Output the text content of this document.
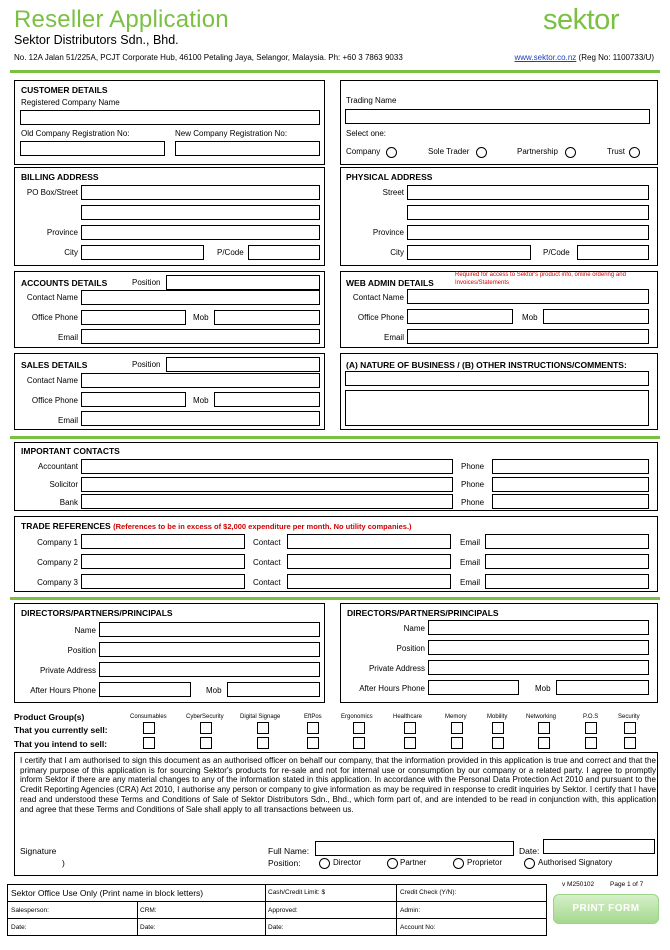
Reseller Application
Sektor Distributors Sdn., Bhd.
No. 12A Jalan 51/225A, PCJT Corporate Hub, 46100 Petaling Jaya, Selangor, Malaysia. Ph: +60 3 7863 9033	www.sektor.co.nz (Reg No: 1100733/U)
sektor
CUSTOMER DETAILS
Registered Company Name
Old Company Registration No:	New Company Registration No:
Trading Name
Select one:
Company	Sole Trader	Partnership	Trust
BILLING ADDRESS
PO Box/Street
Province
City	P/Code
PHYSICAL ADDRESS
Street
Province
City	P/Code
ACCOUNTS DETAILS	Position
Contact Name
Office Phone	Mob
Email
WEB ADMIN DETAILS
Required for access to Sektor's product info, online ordering and Invoices/Statements
Contact Name
Office Phone	Mob
Email
SALES DETAILS	Position
Contact Name
Office Phone	Mob
Email
(A) NATURE OF BUSINESS / (B) OTHER INSTRUCTIONS/COMMENTS:
IMPORTANT CONTACTS
Accountant	Phone
Solicitor	Phone
Bank	Phone
TRADE REFERENCES (References to be in excess of $2,000 expenditure per month. No utility companies.)
Company 1	Contact	Email
Company 2	Contact	Email
Company 3	Contact	Email
DIRECTORS/PARTNERS/PRINCIPALS
Name
Position
Private Address
After Hours Phone	Mob
DIRECTORS/PARTNERS/PRINCIPALS
Name
Position
Private Address
After Hours Phone	Mob
Product Group(s)
That you currently sell:
That you intend to sell:
Consumables	CyberSecurity	Digital Signage	EftPos	Ergonomics	Healthcare	Memory	Mobility	Networking	P.O.S	Security
I certify that I am authorised to sign this document as an authorised officer on behalf our company, that the information provided in this application is true and correct and that the primary purpose of this application is for sourcing Sektor's products for re-sale and not for internal use or consumption by our company or a related party. I agree to promptly inform Sektor if there are any material changes to any of the information stated in this application. In accordance with the Personal Data Protection Act 2010 and pursuant to the Credit Reporting Agencies (CRA) Act 2010, I authorise any person or company to give information as may be required in response to credit inquiries by Sektor. I certify that I have read and understood these Terms and Conditions of Sale of Sektor Distributors Sdn., Bhd., which form part of, and are intended to be read in conjunction with, this application and agree that these Terms and Conditions of Sale shall apply to all transactions between us.
Signature
)
Full Name:	Date:
Position:	Director	Partner	Proprietor	Authorised Signatory
Sektor Office Use Only (Print name in block letters)	Cash/Credit Limit: $	Credit Check (Y/N):
Salesperson:	CRM:	Approved:	Admin:
Date:	Date:	Date:	Account No:
v M250102 Page 1 of 7
PRINT FORM
